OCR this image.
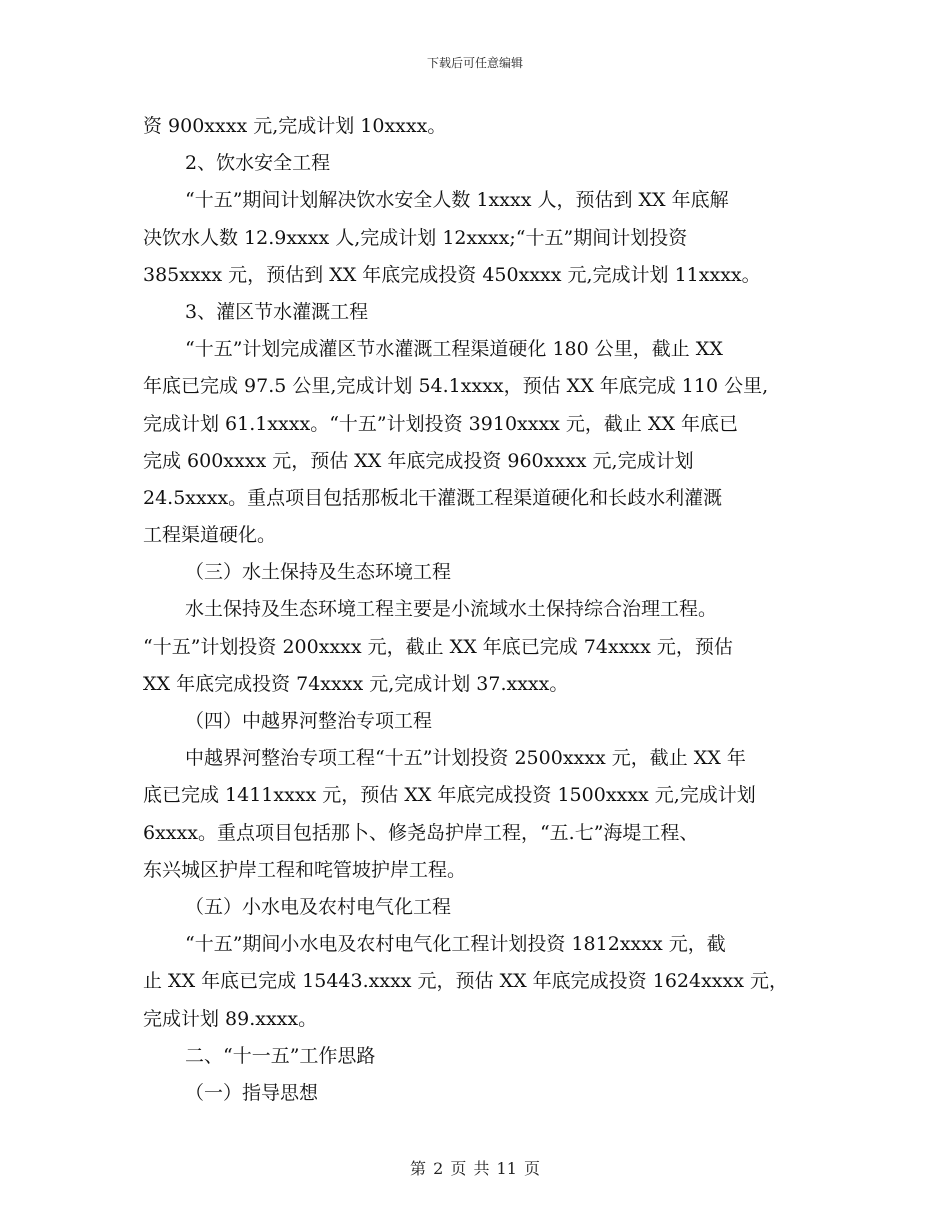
下载后可任意编辑
资 900xxxx 元,完成计划 10xxxx。
2、饮水安全工程
“十五”期间计划解决饮水安全人数 1xxxx 人，预估到 XX 年底解
决饮水人数 12.9xxxx 人,完成计划 12xxxx;“十五”期间计划投资
385xxxx 元，预估到 XX 年底完成投资 450xxxx 元,完成计划 11xxxx。
3、灌区节水灌溉工程
“十五”计划完成灌区节水灌溉工程渠道硬化 180 公里，截止 XX
年底已完成 97.5 公里,完成计划 54.1xxxx，预估 XX 年底完成 110 公里,
完成计划 61.1xxxx。“十五”计划投资 3910xxxx 元，截止 XX 年底已
完成 600xxxx 元，预估 XX 年底完成投资 960xxxx 元,完成计划
24.5xxxx。重点项目包括那板北干灌溉工程渠道硬化和长歧水利灌溉
工程渠道硬化。
（三）水土保持及生态环境工程
水土保持及生态环境工程主要是小流域水土保持综合治理工程。
“十五”计划投资 200xxxx 元，截止 XX 年底已完成 74xxxx 元，预估
XX 年底完成投资 74xxxx 元,完成计划 37.xxxx。
（四）中越界河整治专项工程
中越界河整治专项工程“十五”计划投资 2500xxxx 元，截止 XX 年
底已完成 1411xxxx 元，预估 XX 年底完成投资 1500xxxx 元,完成计划
6xxxx。重点项目包括那卜、修尧岛护岸工程，“五.七”海堤工程、
东兴城区护岸工程和咤管坡护岸工程。
（五）小水电及农村电气化工程
“十五”期间小水电及农村电气化工程计划投资 1812xxxx 元，截
止 XX 年底已完成 15443.xxxx 元，预估 XX 年底完成投资 1624xxxx 元，
完成计划 89.xxxx。
二、“十一五”工作思路
（一）指导思想
第 2 页 共 11 页
